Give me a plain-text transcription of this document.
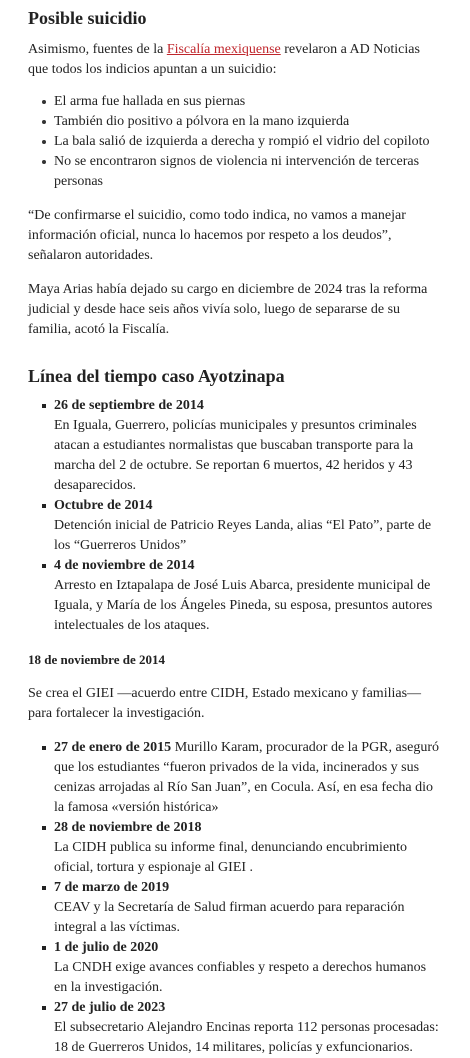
Posible suicidio

Asimismo, fuentes de la Fiscalía mexiquense revelaron a AD Noticias que todos los indicios apuntan a un suicidio:

El arma fue hallada en sus piernas
También dio positivo a pólvora en la mano izquierda
La bala salió de izquierda a derecha y rompió el vidrio del copiloto
No se encontraron signos de violencia ni intervención de terceras personas

“De confirmarse el suicidio, como todo indica, no vamos a manejar información oficial, nunca lo hacemos por respeto a los deudos”, señalaron autoridades.

Maya Arias había dejado su cargo en diciembre de 2024 tras la reforma judicial y desde hace seis años vivía solo, luego de separarse de su familia, acotó la Fiscalía.

Línea del tiempo caso Ayotzinapa
26 de septiembre de 2014
En Iguala, Guerrero, policías municipales y presuntos criminales atacan a estudiantes normalistas que buscaban transporte para la marcha del 2 de octubre. Se reportan 6 muertos, 42 heridos y 43 desaparecidos.
Octubre de 2014
Detención inicial de Patricio Reyes Landa, alias “El Pato”, parte de los “Guerreros Unidos”
4 de noviembre de 2014
Arresto en Iztapalapa de José Luis Abarca, presidente municipal de Iguala, y María de los Ángeles Pineda, su esposa, presuntos autores intelectuales de los ataques.
18 de noviembre de 2014

Se crea el GIEI —acuerdo entre CIDH, Estado mexicano y familias— para fortalecer la investigación.

27 de enero de 2015 Murillo Karam, procurador de la PGR, aseguró que los estudiantes “fueron privados de la vida, incinerados y sus cenizas arrojadas al Río San Juan”, en Cocula. Así, en esa fecha dio la famosa «versión histórica»
28 de noviembre de 2018
La CIDH publica su informe final, denunciando encubrimiento oficial, tortura y espionaje al GIEI .
7 de marzo de 2019
CEAV y la Secretaría de Salud firman acuerdo para reparación integral a las víctimas.
1 de julio de 2020
La CNDH exige avances confiables y respeto a derechos humanos en la investigación.
27 de julio de 2023
El subsecretario Alejandro Encinas reporta 112 personas procesadas: 18 de Guerreros Unidos, 14 militares, policías y exfuncionarios.
